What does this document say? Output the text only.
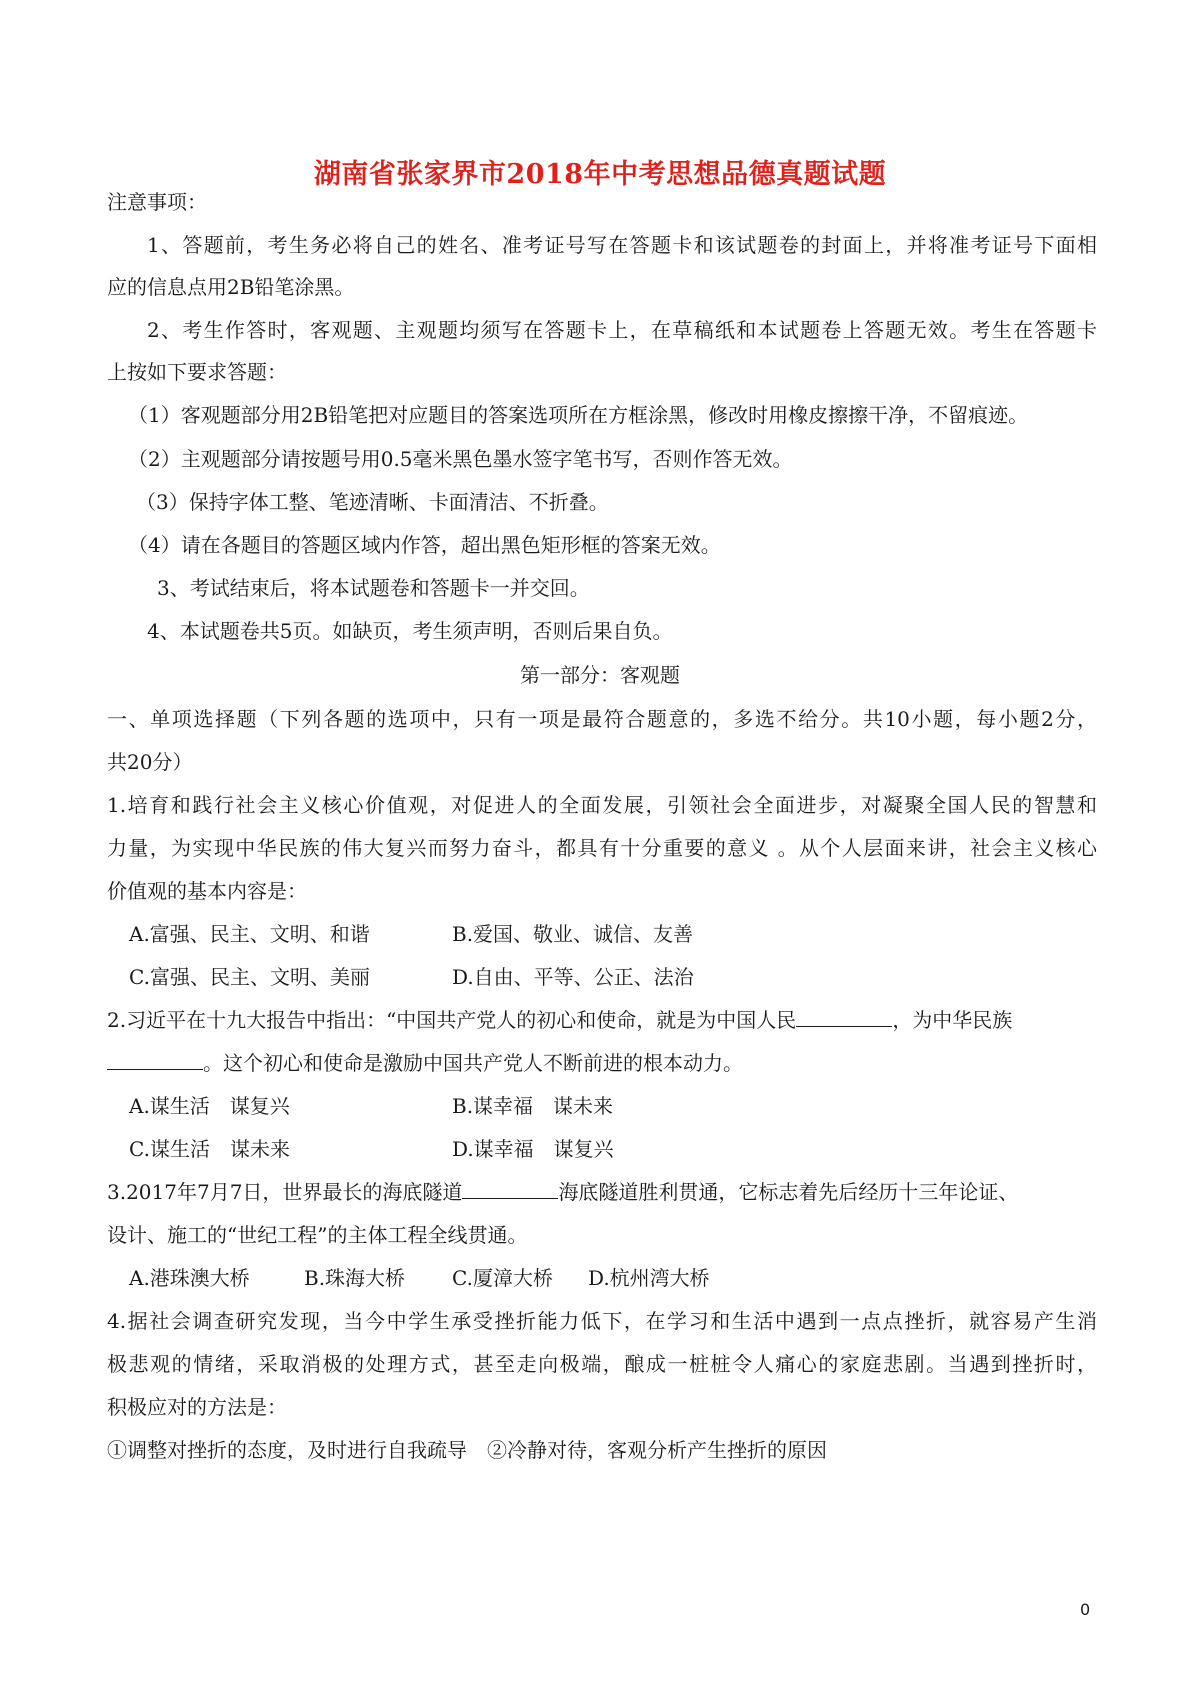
湖南省张家界市2018年中考思想品德真题试题
注意事项：
1、答题前，考生务必将自己的姓名、准考证号写在答题卡和该试题卷的封面上，并将准考证号下面相
应的信息点用2B铅笔涂黑。
2、考生作答时，客观题、主观题均须写在答题卡上，在草稿纸和本试题卷上答题无效。考生在答题卡
上按如下要求答题：
（1）客观题部分用2B铅笔把对应题目的答案选项所在方框涂黑，修改时用橡皮擦擦干净，不留痕迹。
（2）主观题部分请按题号用0.5毫米黑色墨水签字笔书写，否则作答无效。
（3）保持字体工整、笔迹清晰、卡面清洁、不折叠。
（4）请在各题目的答题区域内作答，超出黑色矩形框的答案无效。
3、考试结束后，将本试题卷和答题卡一并交回。
4、本试题卷共5页。如缺页，考生须声明，否则后果自负。
第一部分：客观题
一、单项选择题（下列各题的选项中，只有一项是最符合题意的，多选不给分。共10小题，每小题2分，
共20分）
1.培育和践行社会主义核心价值观，对促进人的全面发展，引领社会全面进步，对凝聚全国人民的智慧和
力量，为实现中华民族的伟大复兴而努力奋斗，都具有十分重要的意义 。从个人层面来讲，社会主义核心
价值观的基本内容是：
A.富强、民主、文明、和谐	B.爱国、敬业、诚信、友善
C.富强、民主、文明、美丽	D.自由、平等、公正、法治
2.习近平在十九大报告中指出：“中国共产党人的初心和使命，就是为中国人民	，为中华民族
。这个初心和使命是激励中国共产党人不断前进的根本动力。
A.谋生活　谋复兴	B.谋幸福　谋未来
C.谋生活　谋未来	D.谋幸福　谋复兴
3.2017年7月7日，世界最长的海底隧道	海底隧道胜利贯通，它标志着先后经历十三年论证、
设计、施工的“世纪工程”的主体工程全线贯通。
A.港珠澳大桥	B.珠海大桥 C.厦漳大桥 D.杭州湾大桥
4.据社会调查研究发现，当今中学生承受挫折能力低下，在学习和生活中遇到一点点挫折，就容易产生消
极悲观的情绪，采取消极的处理方式，甚至走向极端，酿成一桩桩令人痛心的家庭悲剧。当遇到挫折时，
积极应对的方法是：
①调整对挫折的态度，及时进行自我疏导　②冷静对待，客观分析产生挫折的原因
0
